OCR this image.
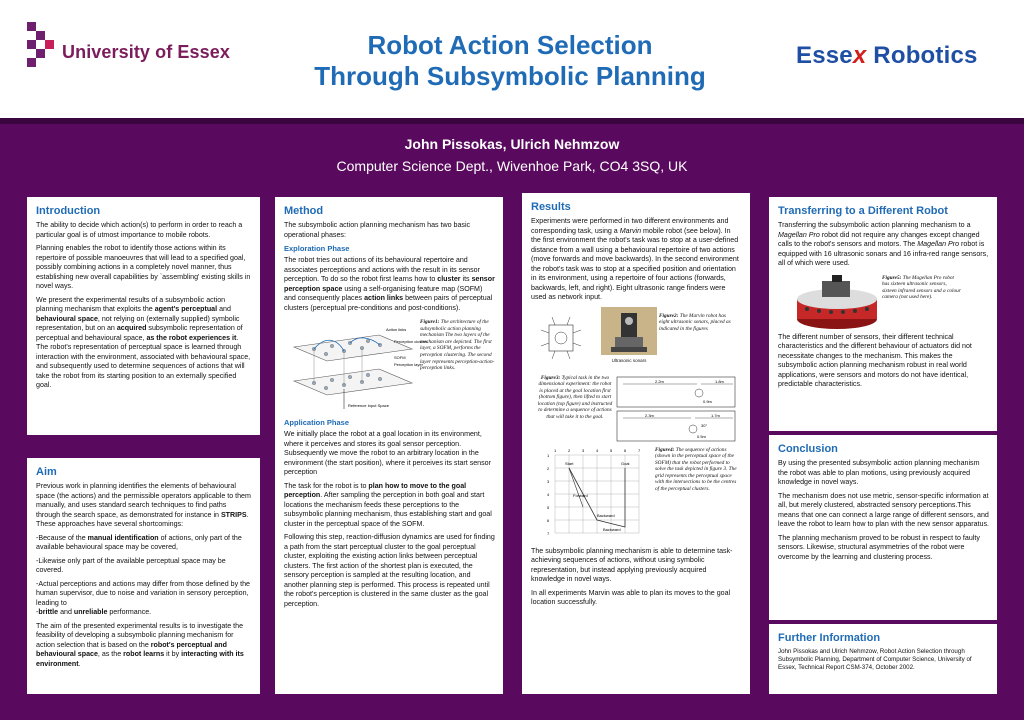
University of Essex	Robot Action Selection
Through Subsymbolic Planning
Essex Robotics
John Pissokas, Ulrich Nehmzow
Computer Science Dept., Wivenhoe Park, CO4 3SQ, UK
Introduction

The ability to decide which action(s) to perform in order to reach a particular goal is of utmost importance to mobile robots.

Planning enables the robot to identify those actions within its repertoire of possible manoeuvres that will lead to a specified goal, possibly combining actions in a completely novel manner, thus establishing new overall capabilities by `assembling' existing skills in novel ways.

We present the experimental results of a subsymbolic action planning mechanism that exploits the agent's perceptual and behavioural space, not relying on (externally supplied) symbolic representation, but on an acquired subsymbolic representation of perceptual and behavioural space, as the robot experiences it. The robot's representation of perceptual space is learned through interaction with the environment, associated with behavioural space, and subsequently used to determine sequences of actions that will take the robot from its starting position to an externally specified goal.

Aim

Previous work in planning identifies the elements of behavioural space (the actions) and the permissible operators applicable to them manually, and uses standard search techniques to find paths through the search space, as demonstrated for instance in STRIPS. These approaches have several shortcomings:

-Because of the manual identification of actions, only part of the available behavioural space may be covered,

-Likewise only part of the available perceptual space may be covered.

-Actual perceptions and actions may differ from those defined by the human supervisor, due to noise and variation in sensory perception, leading to
-brittle and unreliable performance.

The aim of the presented experimental results is to investigate the feasibility of developing a subsymbolic planning mechanism for action selection that is based on the robot's perceptual and behavioural space, as the robot learns it by interacting with its environment.

Method

The subsymbolic action planning mechanism has two basic operational phases:

Exploration Phase

The robot tries out actions of its behavioural repertoire and associates perceptions and actions with the result in its sensor perception. To do so the robot first learns how to cluster its sensor perception space using a self-organising feature map (SOFM) and consequently places action links between pairs of perceptual clusters (perceptual pre-conditions and post-conditions).

Action links
Perception clusters
SOFM
Perception layer
Reference Input Space

Figure1: The architecture of the subsymbolic action planning mechanism The two layers of the mechanism are depicted. The first layer, a SOFM, performs the perception clustering. The second layer represents perception-action-perception links.

Application Phase

We initially place the robot at a goal location in its environment, where it perceives and stores its goal sensor perception. Subsequently we move the robot to an arbitrary location in the environment (the start position), where it perceives its start sensor perception

The task for the robot is to plan how to move to the goal perception. After sampling the perception in both goal and start locations the mechanism feeds these perceptions to the subsymbolic planning mechanism, thus establishing start and goal cluster in the perceptual space of the SOFM.

Following this step, reaction-diffusion dynamics are used for finding a path from the start perceptual cluster to the goal perceptual cluster, exploiting the existing action links between perceptual clusters. The first action of the shortest plan is executed, the sensory perception is sampled at the resulting location, and another planning step is performed. This process is repeated until the robot's perception is clustered in the same cluster as the goal perception.

Results

Experiments were performed in two different environments and corresponding task, using a Marvin mobile robot (see below). In the first environment the robot's task was to stop at a user-defined distance from a wall using a behavioural repertoire of two actions (move forwards and move backwards). In the second environment the robot's task was to stop at a specified position and orientation in its environment, using a repertoire of four actions (forwards, backwards, left, and right). Eight ultrasonic range finders were used as network input.

Ultrasonic sonars

Figure2: The Marvin robot has eight ultrasonic sonars, placed as indicated in the figures

Figure3: Typical task in the two dimensional experiment: the robot is placed at the goal location first (bottom figure), then lifted to start location (top figure) and instructed to determine a sequence of actions that will take it to the goal.

2.2m	1.8m
0.9m
2.3m	1.7m
0.5m
30°
1	2	3	4	5	6	7
1
2
3
4
5
6
7
Start	Goal
Forward
Backward
Backward

Figure4: The sequence of actions (shown in the perceptual space of the SOFM) that the robot performed to solve the task depicted in figure 3. The grid represents the perceptual space with the intersections to be the centres of the perceptual clusters.

The subsymbolic planning mechanism is able to determine task-achieving sequences of actions, without using symbolic representation, but instead applying previously acquired knowledge in novel ways.

In all experiments Marvin was able to plan its moves to the goal location successfully.

Transferring to a Different Robot

Transferring the subsymbolic action planning mechanism to a Magellan Pro robot did not require any changes except changed calls to the robot's sensors and motors. The Magellan Pro robot is equipped with 16 ultrasonic sonars and 16 infra-red range sensors, all of which were used.

Figure5: The Magellan Pro robot has sixteen ultrasonic sensors, sixteen infrared sensors and a colour camera (not used here).

The different number of sensors, their different technical characteristics and the different behaviour of actuators did not necessitate changes to the mechanism. This makes the subsymbolic action planning mechanism robust in real world applications, were sensors and motors do not have identical, predictable characteristics.

Conclusion

By using the presented subsymbolic action planning mechanism the robot was able to plan motions, using previously acquired knowledge in novel ways.

The mechanism does not use metric, sensor-specific information at all, but merely clustered, abstracted sensory perceptions.This means that one can connect a large range of different sensors, and leave the robot to learn how to plan with the new sensor apparatus.

The planning mechanism proved to be robust in respect to faulty sensors. Likewise, structural asymmetries of the robot were overcome by the learning and clustering process.

Further Information

John Pissokas and Ulrich Nehmzow, Robot Action Selection through Subsymbolic Planning, Department of Computer Science, University of Essex, Technical Report CSM-374, October 2002.
